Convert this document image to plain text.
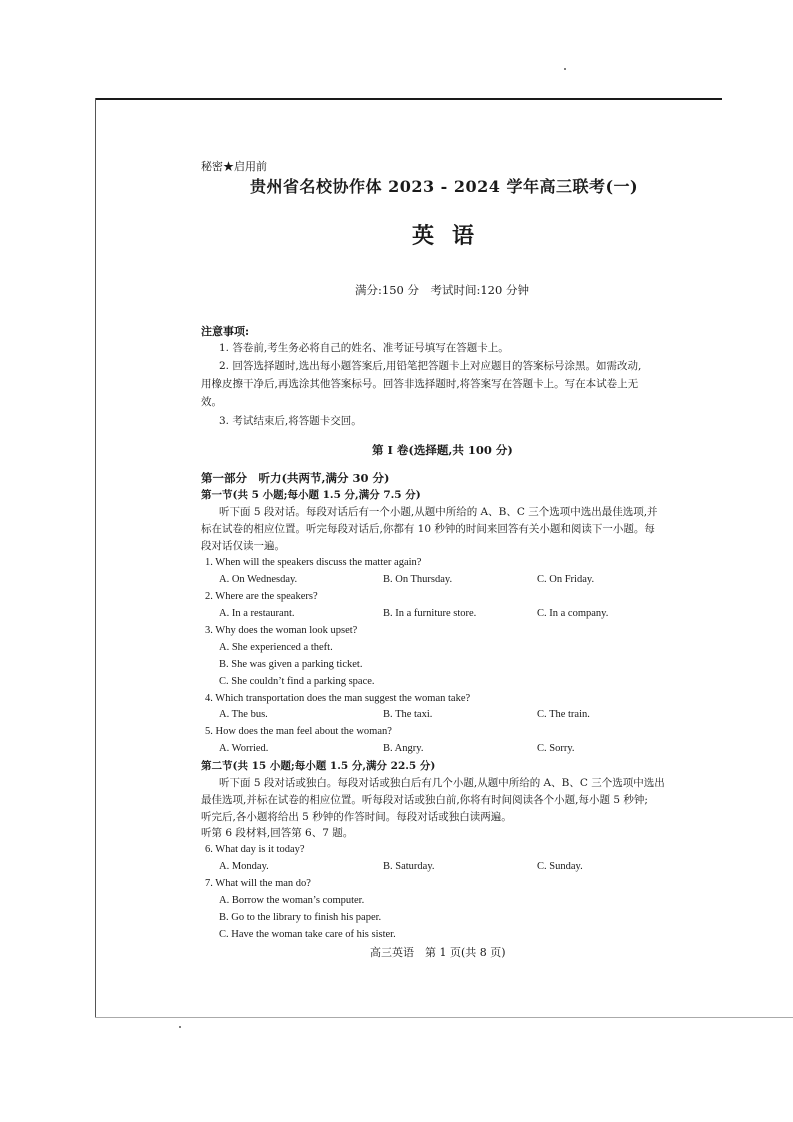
秘密★启用前
贵州省名校协作体 2023 - 2024 学年高三联考(一)
英语
满分:150 分　考试时间:120 分钟
注意事项:
1. 答卷前,考生务必将自己的姓名、准考证号填写在答题卡上。
2. 回答选择题时,选出每小题答案后,用铅笔把答题卡上对应题目的答案标号涂黑。如需改动,
用橡皮擦干净后,再选涂其他答案标号。回答非选择题时,将答案写在答题卡上。写在本试卷上无
效。
3. 考试结束后,将答题卡交回。
第 Ⅰ 卷(选择题,共 100 分)
第一部分　听力(共两节,满分 30 分)
第一节(共 5 小题;每小题 1.5 分,满分 7.5 分)
听下面 5 段对话。每段对话后有一个小题,从题中所给的 A、B、C 三个选项中选出最佳选项,并
标在试卷的相应位置。听完每段对话后,你都有 10 秒钟的时间来回答有关小题和阅读下一小题。每
段对话仅读一遍。
1. When will the speakers discuss the matter again?
A. On Wednesday.	B. On Thursday.	C. On Friday.
2. Where are the speakers?
A. In a restaurant.	B. In a furniture store.	C. In a company.
3. Why does the woman look upset?
A. She experienced a theft.
B. She was given a parking ticket.
C. She couldn’t find a parking space.
4. Which transportation does the man suggest the woman take?
A. The bus.	B. The taxi.	C. The train.
5. How does the man feel about the woman?
A. Worried.	B. Angry.	C. Sorry.
第二节(共 15 小题;每小题 1.5 分,满分 22.5 分)
听下面 5 段对话或独白。每段对话或独白后有几个小题,从题中所给的 A、B、C 三个选项中选出
最佳选项,并标在试卷的相应位置。听每段对话或独白前,你将有时间阅读各个小题,每小题 5 秒钟;
听完后,各小题将给出 5 秒钟的作答时间。每段对话或独白读两遍。
听第 6 段材料,回答第 6、7 题。
6. What day is it today?
A. Monday.	B. Saturday.	C. Sunday.
7. What will the man do?
A. Borrow the woman’s computer.
B. Go to the library to finish his paper.
C. Have the woman take care of his sister.
高三英语　第 1 页(共 8 页)
